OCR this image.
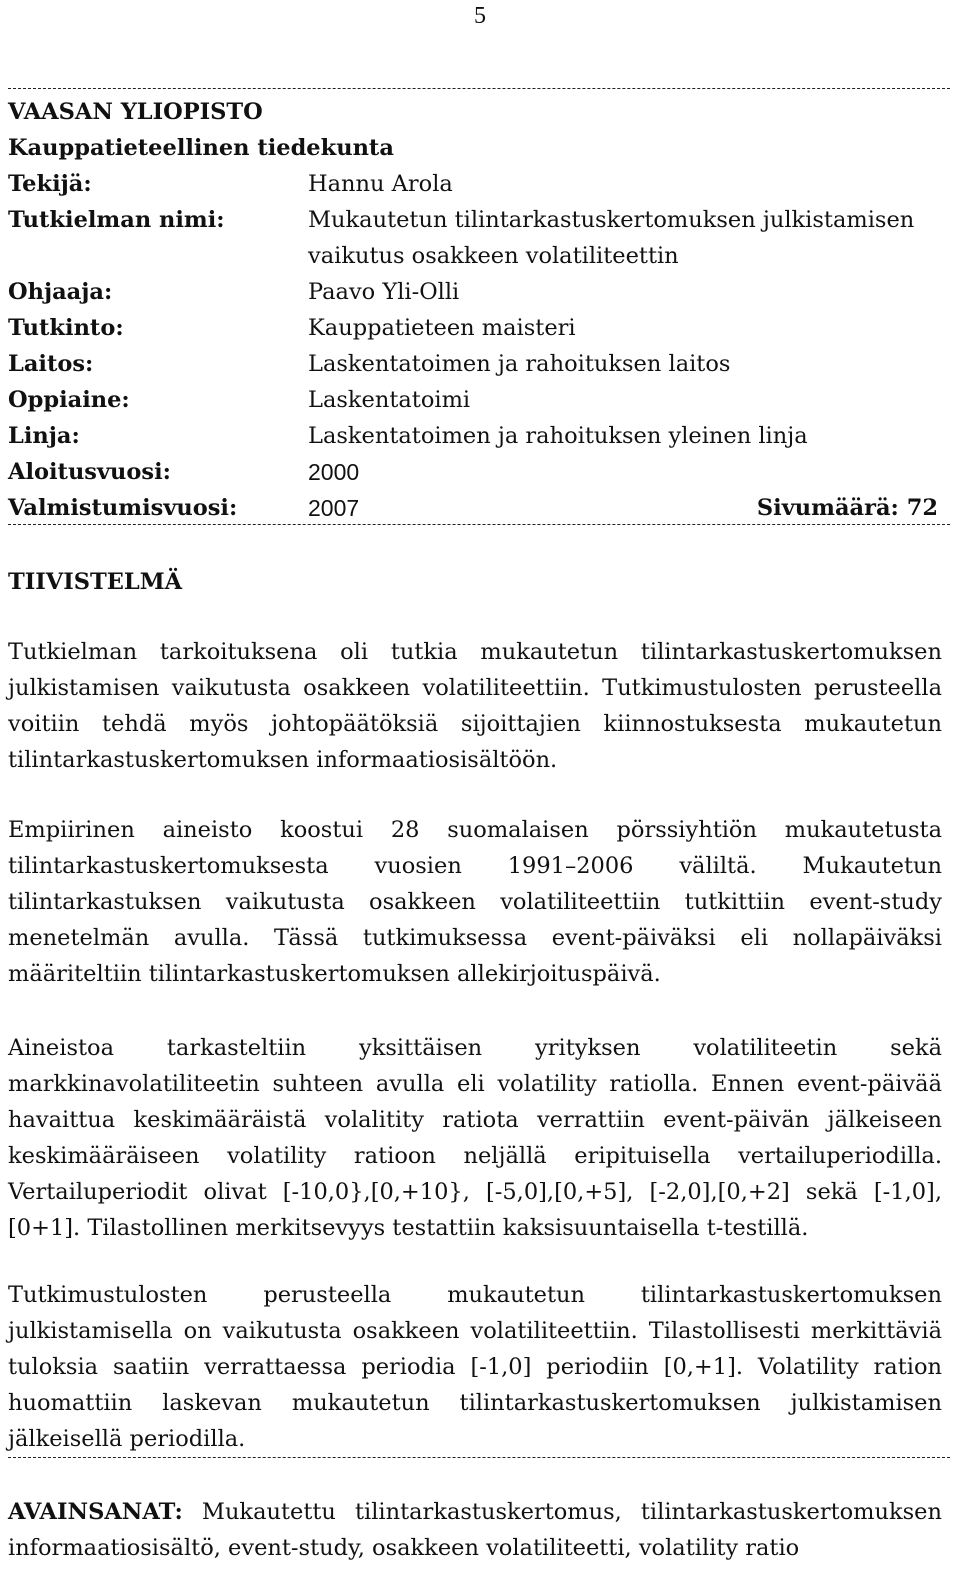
5
VAASAN YLIOPISTO
Kauppatieteellinen tiedekunta
Tekijä:	Hannu Arola
Tutkielman nimi:	Mukautetun tilintarkastuskertomuksen julkistamisen
vaikutus osakkeen volatiliteettin
Ohjaaja:	Paavo Yli-Olli
Tutkinto:	Kauppatieteen maisteri
Laitos:	Laskentatoimen ja rahoituksen laitos
Oppiaine:	Laskentatoimi
Linja:	Laskentatoimen ja rahoituksen yleinen linja
Aloitusvuosi:	2000
Valmistumisvuosi:	2007	Sivumäärä: 72
TIIVISTELMÄ
Tutkielman tarkoituksena oli tutkia mukautetun tilintarkastuskertomuksen julkistamisen vaikutusta osakkeen volatiliteettiin. Tutkimustulosten perusteella voitiin tehdä myös johtopäätöksiä sijoittajien kiinnostuksesta mukautetun tilintarkastuskertomuksen informaatiosisältöön.
Empiirinen aineisto koostui 28 suomalaisen pörssiyhtiön mukautetusta tilintarkastuskertomuksesta vuosien 1991–2006 väliltä. Mukautetun tilintarkastuksen vaikutusta osakkeen volatiliteettiin tutkittiin event-study menetelmän avulla. Tässä tutkimuksessa event-päiväksi eli nollapäiväksi määriteltiin tilintarkastuskertomuksen allekirjoituspäivä.
Aineistoa tarkasteltiin yksittäisen yrityksen volatiliteetin sekä markkinavolatiliteetin suhteen avulla eli volatility ratiolla. Ennen event-päivää havaittua keskimääräistä volalitity ratiota verrattiin event-päivän jälkeiseen keskimääräiseen volatility ratioon neljällä eripituisella vertailuperiodilla. Vertailuperiodit olivat [-10,0},[0,+10}, [-5,0],[0,+5], [-2,0],[0,+2] sekä [-1,0],[0+1]. Tilastollinen merkitsevyys testattiin kaksisuuntaisella t-testillä.
Tutkimustulosten perusteella mukautetun tilintarkastuskertomuksen julkistamisella on vaikutusta osakkeen volatiliteettiin. Tilastollisesti merkittäviä tuloksia saatiin verrattaessa periodia [-1,0] periodiin [0,+1]. Volatility ration huomattiin laskevan mukautetun tilintarkastuskertomuksen julkistamisen jälkeisellä periodilla.
AVAINSANAT: Mukautettu tilintarkastuskertomus, tilintarkastuskertomuksen informaatiosisältö, event-study, osakkeen volatiliteetti, volatility ratio
